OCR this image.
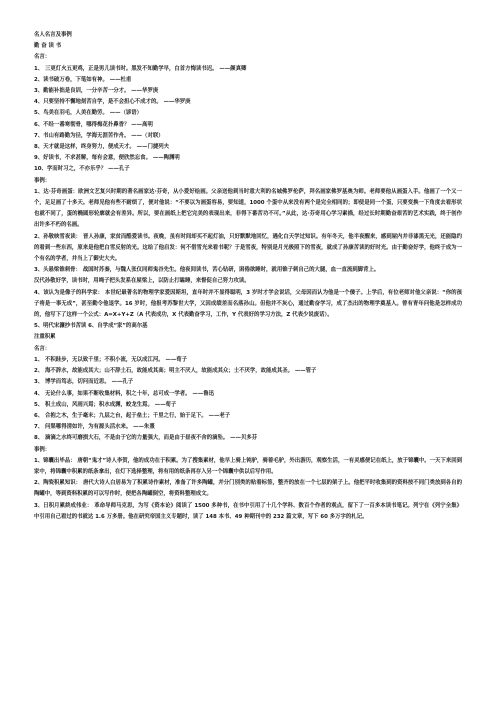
名人名言及事例
勤 奋 读 书
名言：
1、 三更灯火五更鸡，正是男儿读书时。黑发不知勤学早，白首方悔读书迟。 ——颜真卿
2、读书破万卷，下笔如有神。 ——杜甫
3、勤能补拙是良训，一分辛苦一分才。 ——华罗庚
4、只要坚持不懈地刻苦自学，是不会担心不成才的。 ——华罗庚
5、鸟美在羽毛，人美在勤劳。 ——（谚语）
6、不经一番寒彻骨，哪得梅花扑鼻香？ ——高明
7、书山有路勤为径，学海无涯苦作舟。 ——（对联）
8、天才就是这样，终身努力，便成天才。 ——门捷列夫
9、好读书，不求甚解，每有会意，便欣然忘食。 ——陶渊明
10、学而时习之，不亦乐乎？ ——孔子
事例：
1、达·芬奇画蛋：欧洲文艺复兴时期的著名画家达·芬奇，从小爱好绘画。父亲送他到当时意大利的名城佛罗伦萨，拜名画家佛罗基奥为师。老师要他从画蛋入手。他画了一个又一个，足足画了十多天。老师见他有些不耐烦了，便对他说：“不要以为画蛋容易，要知道，1000 个蛋中从来没有两个是完全相同的；即使是同一个蛋，只要变换一下角度去看形状也就不同了，蛋的椭圆形轮廓就会有差异。所以，要在画纸上把它完美的表现出来，非得下番苦功不可。”从此，达·芬奇用心学习素描，经过长时期勤奋艰苦的艺术实践，终于创作出许多不朽的名画。
2、孙敬映雪夜读： 晋人孙康，家贫而酷爱读书。夜晚，虽有时间却买不起灯油，只好默默地回忆，遇化白天学过知识。有年冬天，他半夜醒来，感到屋内并非漆黑无光，还能隐约的看到一些东西，原来是他把白雪反射的光。这给了他启发：何不借雪光来看书呢？于是雪夜，特别是月光极照下的雪夜，就成了孙康苦读的好时光。由于勤奋好学，他终于成为一个有名的学者，并当上了御史大夫。
3、头悬梁锥刺骨： 战国时苏秦，与魏人张仪同师鬼谷先生。他夜间读书，苦心钻研，困倦欲睡时，就用锥子刺自己的大腿，血一直流到脚背上。
汉代孙敬好学，读书时，用绳子把头发系在屋梁上，以防止打瞌睡，来督促自己努力攻读。
4、该认为是像子的科学家： 本世纪最著名的物理学家爱因斯坦，直年时并不显得聪明，3 岁时才学会说话，父母因而认为他是一个傻子。上学后，有位老师对他父亲说：“你的孩子将是一事无成”，甚至勤令他退学。16 岁时，他报考苏黎世大学，又因成绩差而名落孙山。但他并不灰心，通过勤奋学习，成了杰出的物理学奠基人。曾有青年问他是怎样成功的，他写下了这样一个公式：A=X+Y+Z（A 代表成功，X 代表勤奋学习，工作，Y 代表好的学习方法，Z 代表少说废话）。
5、明代宋濂抄书苦读 6、自学成“家”的高尔基
注重积累
名言：
1、 不积跬步，无以致千里；不积小流，无以成江河。 ——荀子
2、 海不辞水，故能成其大；山不辞土石，故能成其高；明主不厌人，故能成其众；士不厌学，故能成其圣。 ——管子
3、 博学而笃志，切问而近思。 ——孔子
4、 无论什么事，如果不断收集材料，积之十年，总可成一学者。 ——鲁迅
5、 积土成山，风雨兴焉；积水成渊，蛟龙生焉。 ——荀子
6、 合抱之木，生于毫末；九层之台，起于垒土；千里之行，始于足下。 ——老子
7、 问渠哪得清如许，为有源头活水来。 ——朱熹
8、 滴滴之水终可磨损大石，不是由于它的力量强大，而是由于昼夜不舍的滴坠。 ——贝多芬
事例：
1、锦囊出毕品： 唐朝“鬼才”诗人李贺，他的成功在于积累。为了搜集素材，他早上骑上钝驴，骑着毛驴，外出游历，观察生活，一有灵感便记在纸上，放于锦囊中。一天下来回到家中，将锦囊中积累的纸条拿出，在灯下选择整理，将有用的纸条再存入另一个锦囊中供以后写作用。
2、陶瓷积累知识： 唐代大诗人白居易为了积累诗作素材，准备了许多陶罐，并分门别类的贴着标签，整齐的放在一个七层的架子上。他把平时收集到的资料按不同门类放到各自的陶罐中，等到资料积累的可以写作时，便把各陶罐倒空，将资料整理成文。
3、日积月累終成伟业： 革命导师马克思，为写《资本论》阅读了 1500 多种书，在书中引用了十几个学科、数百个作者的观点，留下了一百多本读书笔记。列宁在《列宁全集》中引用自己看过的书就达 1.6 万多册。他在研究帝国主义专题时，读了 148 本书、49 种期刊中的 232 篇文章，写下 60 多万字的札记。
